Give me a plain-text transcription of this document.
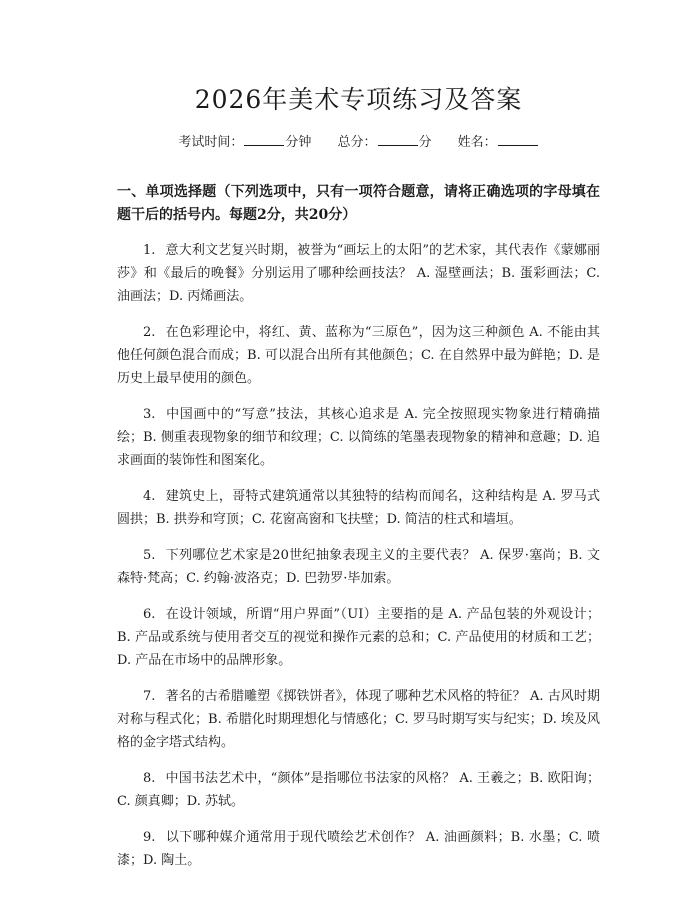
2026年美术专项练习及答案
考试时间：	分钟 总分：	分 姓名：
一、单项选择题（下列选项中，只有一项符合题意，请将正确选项的字母填在题干后的括号内。每题2分，共20分）

1. 意大利文艺复兴时期，被誉为“画坛上的太阳”的艺术家，其代表作《蒙娜丽莎》和《最后的晚餐》分别运用了哪种绘画技法？ A. 湿壁画法；B. 蛋彩画法；C. 油画法；D. 丙烯画法。

2. 在色彩理论中，将红、黄、蓝称为“三原色”，因为这三种颜色 A. 不能由其他任何颜色混合而成；B. 可以混合出所有其他颜色；C. 在自然界中最为鲜艳；D. 是历史上最早使用的颜色。

3. 中国画中的“写意”技法，其核心追求是 A. 完全按照现实物象进行精确描绘；B. 侧重表现物象的细节和纹理；C. 以简练的笔墨表现物象的精神和意趣；D. 追求画面的装饰性和图案化。

4. 建筑史上，哥特式建筑通常以其独特的结构而闻名，这种结构是 A. 罗马式圆拱；B. 拱券和穹顶；C. 花窗高窗和飞扶壁；D. 简洁的柱式和墙垣。

5. 下列哪位艺术家是20世纪抽象表现主义的主要代表？ A. 保罗·塞尚；B. 文森特·梵高；C. 约翰·波洛克；D. 巴勃罗·毕加索。

6. 在设计领域，所谓“用户界面”（UI）主要指的是 A. 产品包装的外观设计；B. 产品或系统与使用者交互的视觉和操作元素的总和；C. 产品使用的材质和工艺；D. 产品在市场中的品牌形象。

7. 著名的古希腊雕塑《掷铁饼者》，体现了哪种艺术风格的特征？ A. 古风时期对称与程式化；B. 希腊化时期理想化与情感化；C. 罗马时期写实与纪实；D. 埃及风格的金字塔式结构。

8. 中国书法艺术中，“颜体”是指哪位书法家的风格？ A. 王羲之；B. 欧阳询；C. 颜真卿；D. 苏轼。

9. 以下哪种媒介通常用于现代喷绘艺术创作？ A. 油画颜料；B. 水墨；C. 喷漆；D. 陶土。
